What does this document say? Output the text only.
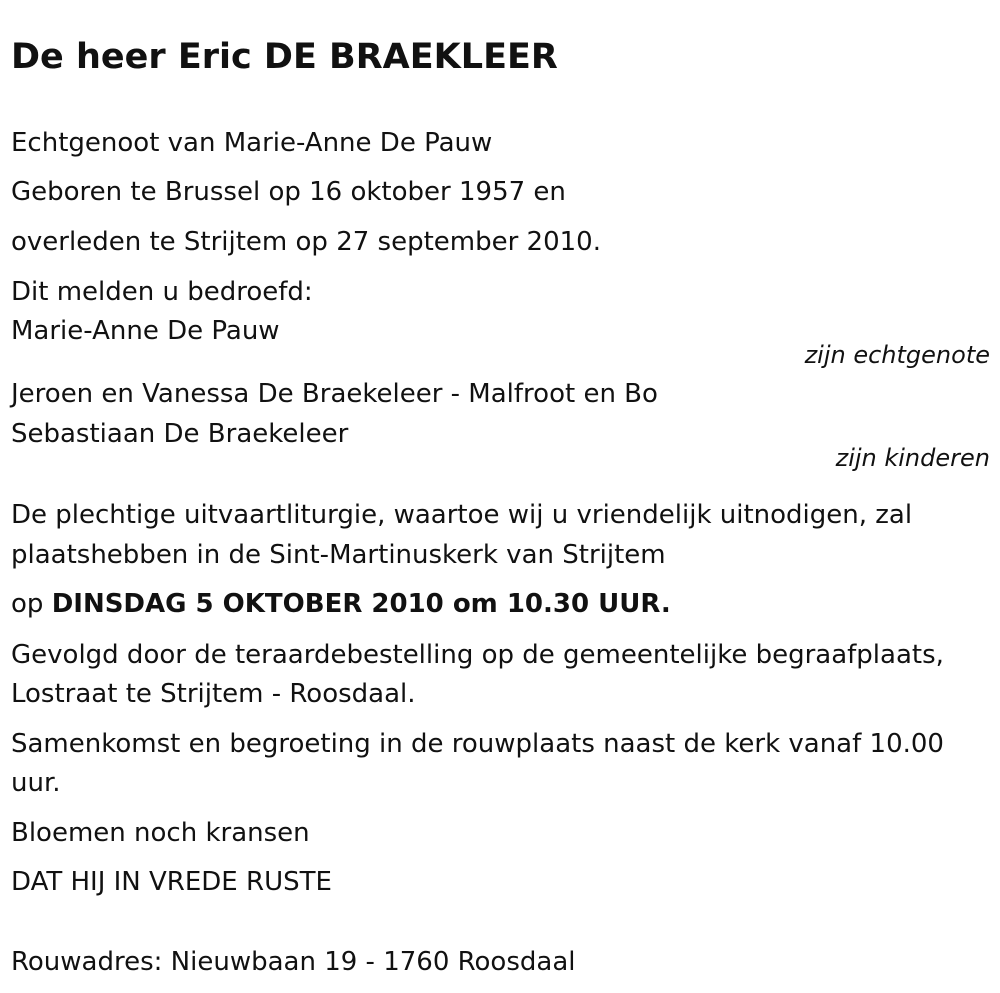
De heer Eric DE BRAEKLEER
Echtgenoot van Marie-Anne De Pauw
Geboren te Brussel op 16 oktober 1957 en
overleden te Strijtem op 27 september 2010.
Dit melden u bedroefd:
Marie-Anne De Pauw
zijn echtgenote
Jeroen en Vanessa De Braekeleer - Malfroot en Bo
Sebastiaan De Braekeleer
zijn kinderen
De plechtige uitvaartliturgie, waartoe wij u vriendelijk uitnodigen, zal
plaatshebben in de Sint-Martinuskerk van Strijtem
op DINSDAG 5 OKTOBER 2010 om 10.30 UUR.
Gevolgd door de teraardebestelling op de gemeentelijke begraafplaats,
Lostraat te Strijtem - Roosdaal.
Samenkomst en begroeting in de rouwplaats naast de kerk vanaf 10.00
uur.
Bloemen noch kransen
DAT HIJ IN VREDE RUSTE
Rouwadres: Nieuwbaan 19 - 1760 Roosdaal
